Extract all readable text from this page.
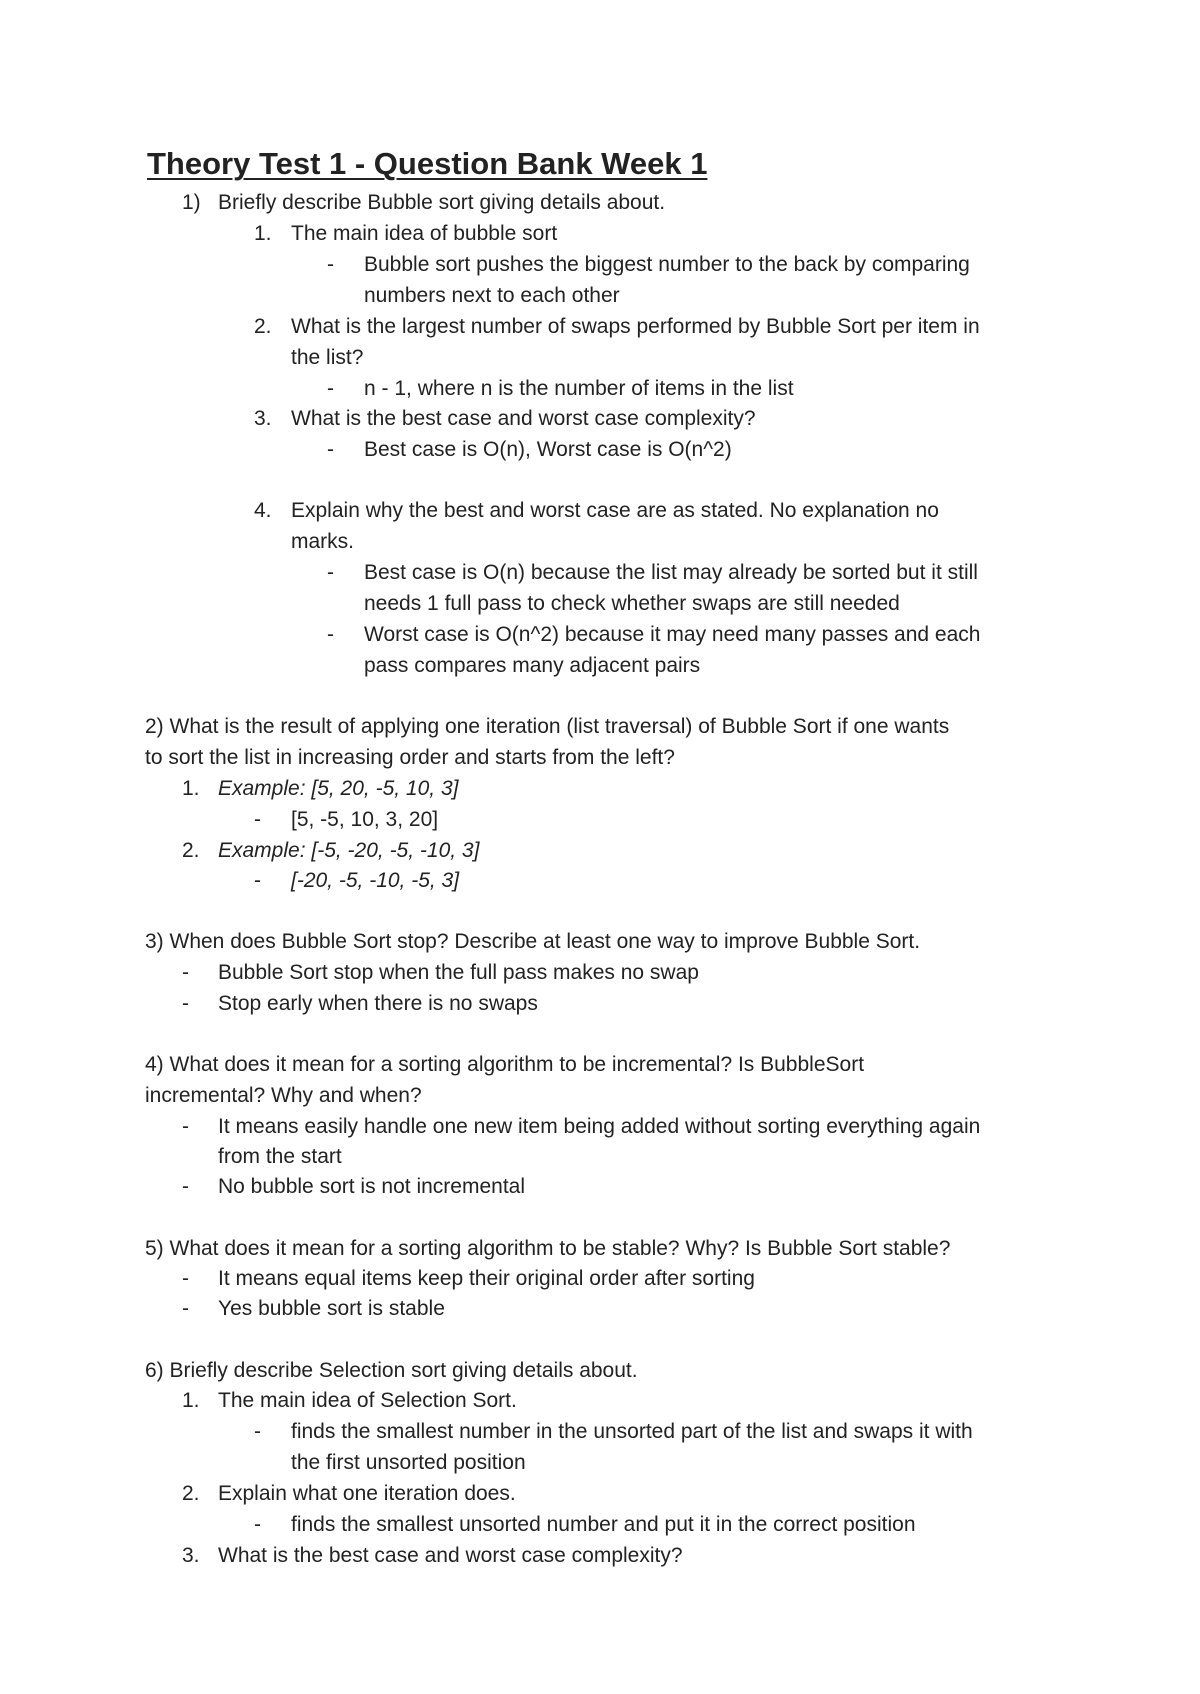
Theory Test 1 - Question Bank Week 1
1) Briefly describe Bubble sort giving details about.
1. The main idea of bubble sort
- Bubble sort pushes the biggest number to the back by comparing
numbers next to each other
2. What is the largest number of swaps performed by Bubble Sort per item in
the list?
- n - 1, where n is the number of items in the list
3. What is the best case and worst case complexity?
- Best case is O(n), Worst case is O(n^2)
4. Explain why the best and worst case are as stated. No explanation no
marks.
- Best case is O(n) because the list may already be sorted but it still
needs 1 full pass to check whether swaps are still needed
- Worst case is O(n^2) because it may need many passes and each
pass compares many adjacent pairs
2) What is the result of applying one iteration (list traversal) of Bubble Sort if one wants
to sort the list in increasing order and starts from the left?
1. Example: [5, 20, -5, 10, 3]
- [5, -5, 10, 3, 20]
2. Example: [-5, -20, -5, -10, 3]
- [-20, -5, -10, -5, 3]
3) When does Bubble Sort stop? Describe at least one way to improve Bubble Sort.
- Bubble Sort stop when the full pass makes no swap
- Stop early when there is no swaps
4) What does it mean for a sorting algorithm to be incremental? Is BubbleSort
incremental? Why and when?
- It means easily handle one new item being added without sorting everything again
from the start
- No bubble sort is not incremental
5) What does it mean for a sorting algorithm to be stable? Why? Is Bubble Sort stable?
- It means equal items keep their original order after sorting
- Yes bubble sort is stable
6) Briefly describe Selection sort giving details about.
1. The main idea of Selection Sort.
- finds the smallest number in the unsorted part of the list and swaps it with
the first unsorted position
2. Explain what one iteration does.
- finds the smallest unsorted number and put it in the correct position
3. What is the best case and worst case complexity?
